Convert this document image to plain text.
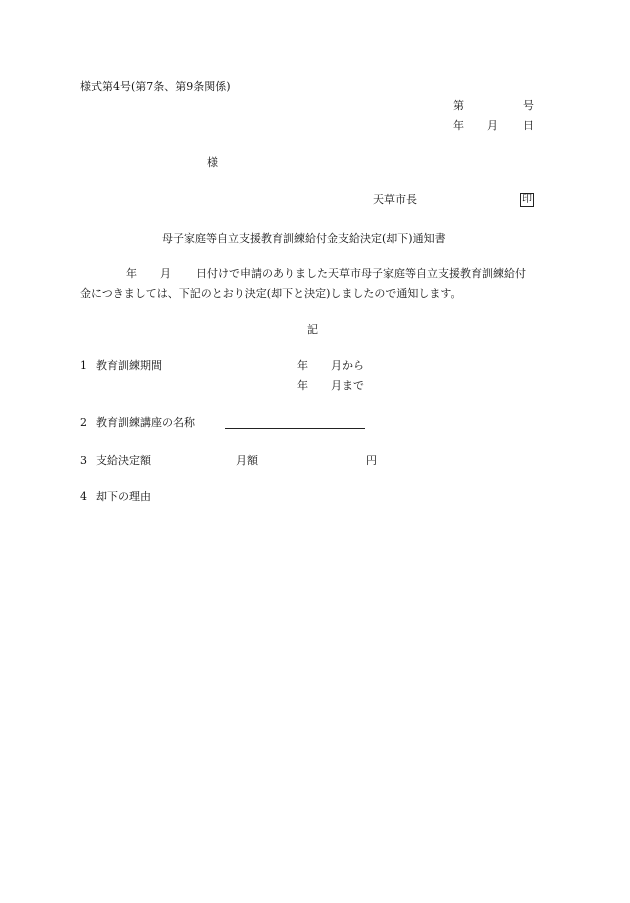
様式第4号(第7条、第9条関係)
第	号
年 月 日
様
天草市長	印
母子家庭等自立支援教育訓練給付金支給決定(却下)通知書
年 月 日付けで申請のありました天草市母子家庭等自立支援教育訓練給付
金につきましては、下記のとおり決定(却下と決定)しましたので通知します。
記
1 教育訓練期間	年 月から
年 月まで
2 教育訓練講座の名称
3 支給決定額	月額	円
4 却下の理由
